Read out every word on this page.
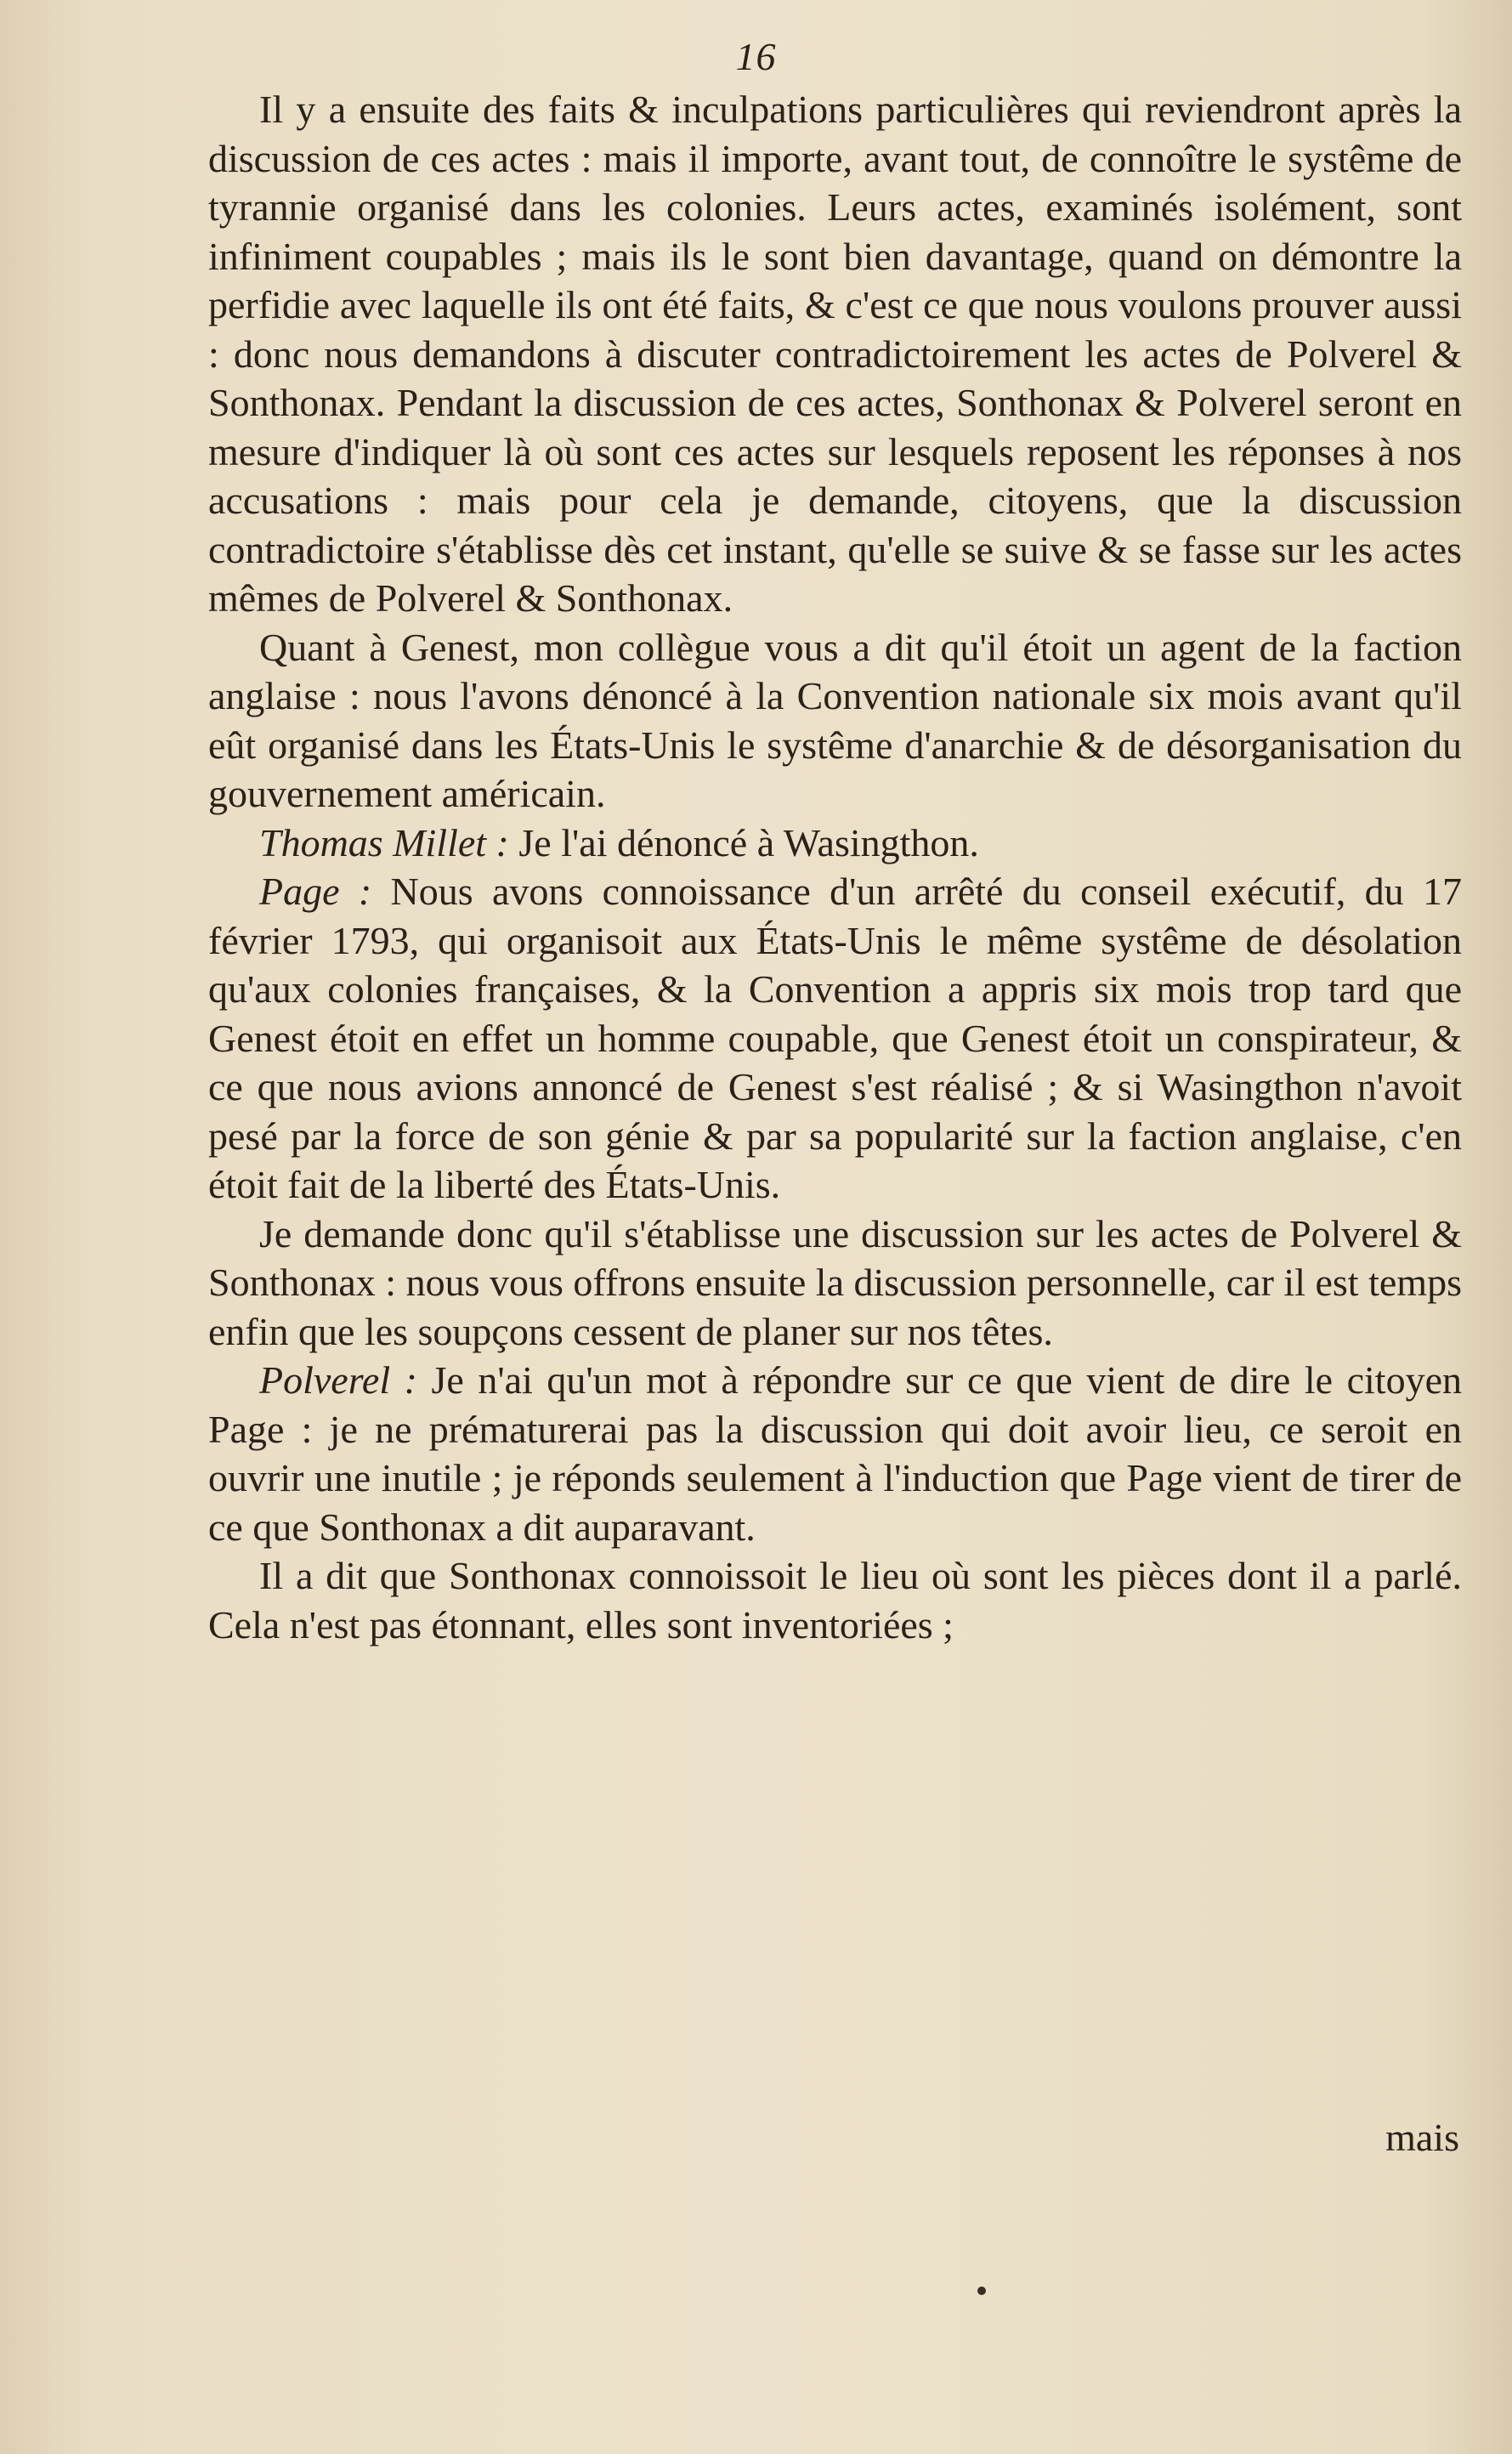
16

Il y a ensuite des faits & inculpations particulières qui reviendront après la discussion de ces actes : mais il importe, avant tout, de connoître le systême de tyrannie organisé dans les colonies. Leurs actes, examinés isolément, sont infiniment coupables ; mais ils le sont bien davantage, quand on démontre la perfidie avec laquelle ils ont été faits, & c'est ce que nous voulons prouver aussi : donc nous demandons à discuter contradictoirement les actes de Polverel & Sonthonax. Pendant la discussion de ces actes, Sonthonax & Polverel seront en mesure d'indiquer là où sont ces actes sur lesquels reposent les réponses à nos accusations : mais pour cela je demande, citoyens, que la discussion contradictoire s'établisse dès cet instant, qu'elle se suive & se fasse sur les actes mêmes de Polverel & Sonthonax.

Quant à Genest, mon collègue vous a dit qu'il étoit un agent de la faction anglaise : nous l'avons dénoncé à la Convention nationale six mois avant qu'il eût organisé dans les États-Unis le systême d'anarchie & de désorganisation du gouvernement américain.

Thomas Millet : Je l'ai dénoncé à Wasingthon.

Page : Nous avons connoissance d'un arrêté du conseil exécutif, du 17 février 1793, qui organisoit aux États-Unis le même systême de désolation qu'aux colonies françaises, & la Convention a appris six mois trop tard que Genest étoit en effet un homme coupable, que Genest étoit un conspirateur, & ce que nous avions annoncé de Genest s'est réalisé ; & si Wasingthon n'avoit pesé par la force de son génie & par sa popularité sur la faction anglaise, c'en étoit fait de la liberté des États-Unis.

Je demande donc qu'il s'établisse une discussion sur les actes de Polverel & Sonthonax : nous vous offrons ensuite la discussion personnelle, car il est temps enfin que les soupçons cessent de planer sur nos têtes.

Polverel : Je n'ai qu'un mot à répondre sur ce que vient de dire le citoyen Page : je ne prématurerai pas la discussion qui doit avoir lieu, ce seroit en ouvrir une inutile ; je réponds seulement à l'induction que Page vient de tirer de ce que Sonthonax a dit auparavant.

Il a dit que Sonthonax connoissoit le lieu où sont les pièces dont il a parlé. Cela n'est pas étonnant, elles sont inventoriées ;

mais
